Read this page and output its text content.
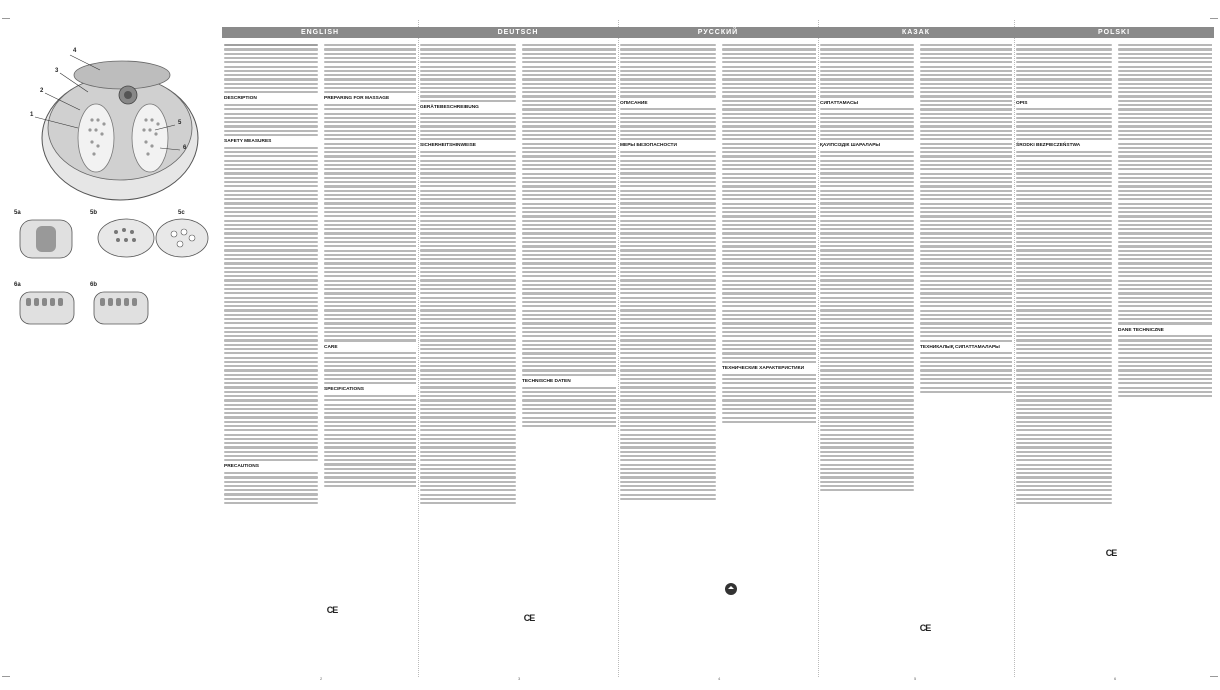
4
3
2
1
5
6
5a	5b	5c
6a	6b
ENGLISH
DESCRIPTION
SAFETY MEASURES
PRECAUTIONS
PREPARING FOR MASSAGE
CARE
SPECIFICATIONS
CE
2
DEUTSCH
GERÄTEBESCHREIBUNG
SICHERHEITSHINWEISE
TECHNISCHE DATEN
CE
3
РУССКИЙ
ОПИСАНИЕ
МЕРЫ БЕЗОПАСНОСТИ
ТЕХНИЧЕСКИЕ ХАРАКТЕРИСТИКИ
4
КАЗАК
СИПАТТАМАСЫ
ҚАУІПСІЗДІК ШАРАЛАРЫ
ТЕХНИКАЛЫҚ СИПАТТАМАЛАРЫ
CE
5
POLSKI
OPIS
ŚRODKI BEZPIECZEŃSTWA
DANE TECHNICZNE
CE
6
